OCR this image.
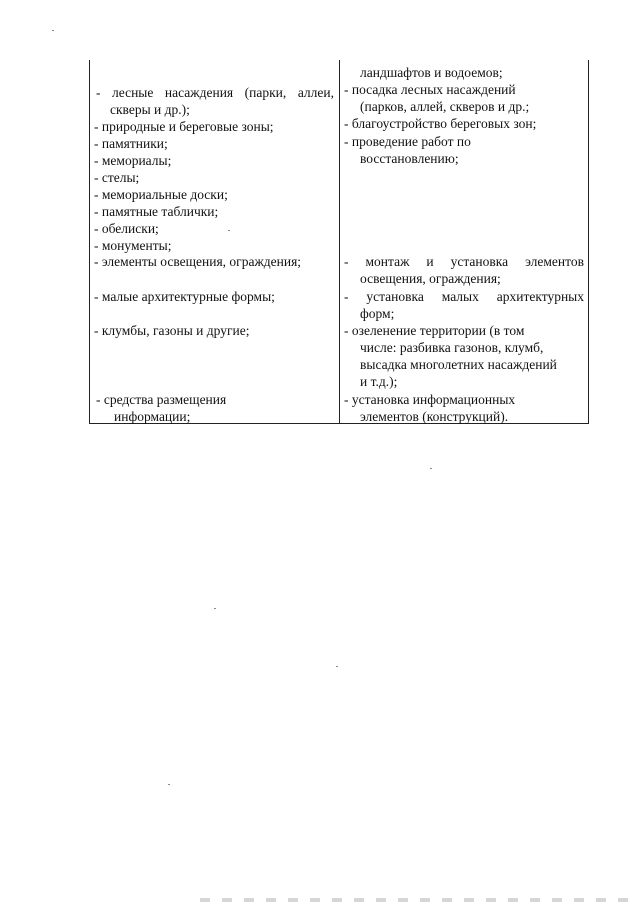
- лесные насаждения (парки, аллеи,
скверы и др.);
- природные и береговые зоны;
- памятники;
- мемориалы;
- стелы;
- мемориальные доски;
- памятные таблички;
- обелиски;
- монументы;
- элементы освещения, ограждения;
- малые архитектурные формы;
- клумбы, газоны и другие;
- средства размещения
информации;
ландшафтов и водоемов;
- посадка лесных насаждений
(парков, аллей, скверов и др.;
- благоустройство береговых зон;
- проведение работ по
восстановлению;
- монтаж и установка элементов
освещения, ограждения;
- установка малых архитектурных
форм;
- озеленение территории (в том
числе: разбивка газонов, клумб,
высадка многолетних насаждений
и т.д.);
- установка информационных
элементов (конструкций).
